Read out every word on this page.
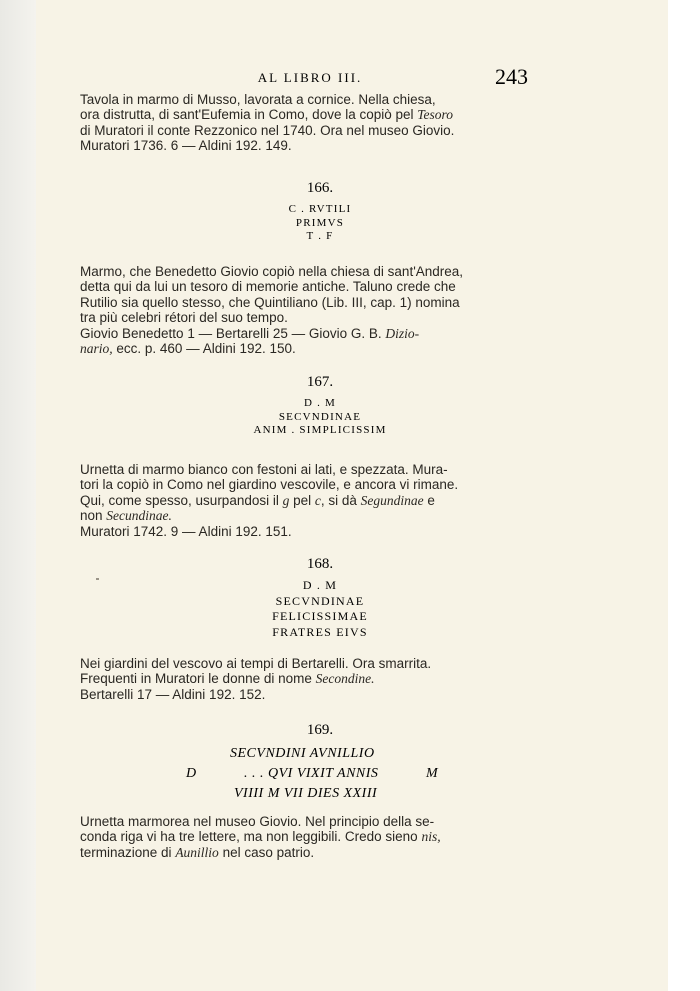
AL LIBRO III.	243

Tavola in marmo di Musso, lavorata a cornice. Nella chiesa,

ora distrutta, di sant'Eufemia in Como, dove la copiò pel Tesoro

di Muratori il conte Rezzonico nel 1740. Ora nel museo Giovio.

Muratori 1736. 6 — Aldini 192. 149.

166.
C . RVTILI
PRIMVS
T . F

Marmo, che Benedetto Giovio copiò nella chiesa di sant'Andrea,

detta qui da lui un tesoro di memorie antiche. Taluno crede che

Rutilio sia quello stesso, che Quintiliano (Lib. III, cap. 1) nomina

tra più celebri rétori del suo tempo.

Giovio Benedetto 1 — Bertarelli 25 — Giovio G. B. Dizio-

nario, ecc. p. 460 — Aldini 192. 150.

167.
D . M
SECVNDINAE
ANIM . SIMPLICISSIM

Urnetta di marmo bianco con festoni ai lati, e spezzata. Mura-

tori la copiò in Como nel giardino vescovile, e ancora vi rimane.

Qui, come spesso, usurpandosi il g pel c, si dà Segundinae e

non Secundinae.

Muratori 1742. 9 — Aldini 192. 151.

168.
D . M
SECVNDINAE
FELICISSIMAE
FRATRES EIVS

Nei giardini del vescovo ai tempi di Bertarelli. Ora smarrita.

Frequenti in Muratori le donne di nome Secondine.

Bertarelli 17 — Aldini 192. 152.

169.
SECVNDINI AVNILLIO
D	. . . QVI VIXIT ANNIS	M
VIIII M VII DIES XXIII

Urnetta marmorea nel museo Giovio. Nel principio della se-

conda riga vi ha tre lettere, ma non leggibili. Credo sieno nis,

terminazione di Aunillio nel caso patrio.
